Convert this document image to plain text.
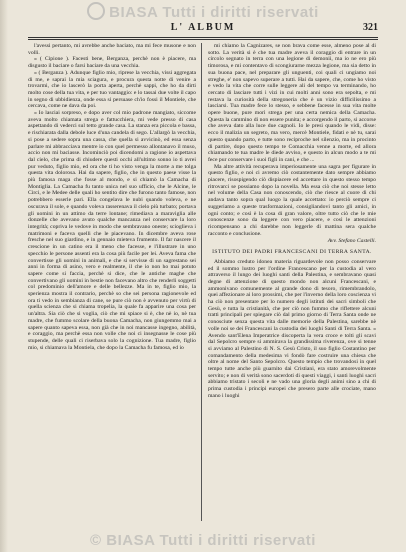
BIASA Tutti i diritti riservati
L' ALBUM	321

l'avessi pertanto, mi avrebbe anche baciato, ma mi fece musone e non volli.

« ( Cipione ). Facesti bene, Berganza, perchè non è piacere, ma disgusto il baciare o farsi baciare da una vecchia.

« ( Berganza ). Adunque figlio mio, riprese la vecchia, vissi aggregata di me, e saprai la mia sciagura, e procura questa notte di venire a trovarmi, che io lascerò la porta aperta, perchè sappi, che ho da dirti molto cose della tua vita, e per tuo vantaggio: e lo tassai due volte il capo in segno di ubbidienza, onde essa si persuase ch'io fossi il Montiele, che cercava, come ne dava da poi.

« Io lasciai sorpreso, e dopo aver col mio padrone mangiato, siccome aveva molto chiamata strega e fattucchiera, mi vede presso di casa aspettando di vederci sul tetto grande casa. La stanza era piccola e bassa, e rischiarata dalla debole luce d'una candela di sego. L'allargò la vecchia, si pose a sedere sopra una cassa, che quella si avvicinò, ed essa senza parlare mi abbracciava mentre io con quel permesso allontanavo il muso, accio non mi baciasse. Incominciò poi dicendomi a ragione io aspettava dal cielo, che prima di chiudere questi occhi all'ultimo sonno io ti avrei pur veduto, figlio mio, ed ora che ti ho visto venga la morte a me tolga questa vita dolorosa. Hai da sapere, figlio, che in questo paese visse la più famosa maga che fosse al mondo, e si chiamò la Camacha di Montiglia. La Camacha fu tanto unica nel suo ufficio, che le Alcine, le Circi, e le Medee delle quali ho sentito dire che furono tanto famose, non potrebbero esserle pari. Ella congelava le nubi quando voleva, e ne oscurava il sole, e quando voleva rasserenava il cielo più turbato; portava gli uomini in un attimo da terre lontane; rimediava a maraviglia alle donzelle che avevano avuto qualche mancanza nel conservare la loro integrità; copriva le vedove in modo che sembravano oneste; scioglieva i matrimoni e faceva quelli che le piacevano. In dicembre aveva rose fresche nel suo giardino, e in gennaio mieteva frumento. Il far nascere il crescione in un catino era il meno che facesse, e l'illustrare in uno specchio le persone assenti era la cosa più facile per lei. Aveva fama che convertisse gli uomini in animali, e che si servisse di un sagrestano sei anni in forma di asino, vero e realmente, il che io non ho mai potuto sapere come si faccia, perchè si dice, che le antiche maghe che convertivano gli uomini in bestie non facevano altro che renderli soggetti col predominio dell'amore e delle bellezze. Ma in te, figlio mio, la sperienza mostra il contrario, perchè so che sei persona ragionevole ed ora ti vedo in sembianza di cane, se pure ciò non è avvenuto per virtù di quella scienza che si chiama tropelia, la quale fa apparire una cosa per un'altra. Sia ciò che si voglia, ciò che mi spiace si è, che nè io, nè tua madre, che fummo scolare della buona Camacha, non giungemmo mai a sapere quanto sapeva essa, non già che in noi mancasse ingegno, abilità, e coraggio, ma perchè essa non volle che noi ci insegnasse le cose più stupende, delle quali ci riserbava solo la cognizione. Tua madre, figlio mio, si chiamava la Montiela, che dopo la Camacha fu famosa, ed io

mi chiamo la Cagnizares, se non brava come esse, almeno pose al di sotto. La verità si è che tua madre aveva il coraggio di entrare in un circolo segnato in terra con una legione di demonii, ma io ne ero più timorosa, e mi contentavo di scongiurarne mezza legione, ma sia detto in sua buona pace, nel preparare gli unguenti, coi quali ci ungiamo noi streghe, e' non sapevo superare a tutti. Hai da sapere, che, come ho visto e vedo la vita che corre sulle leggere ali del tempo va terminando, ho cercato di lasciare tutti i vizi in cui molti anni sono era sepolta, e mi restava la curiosità della stregoneria che è un vizio difficilissimo a lasciarsi. Tua madre fece lo stesso, e sebbene facesse in sua vita molte opere buone, pure morì strega per una certa nemica della Camacha. Questa la cammino di non essere punita; e accorgendo il parto, si accorse che aveva dato alla luce due cagnoli. Io le presi quando le vidi, disse: ecco il malizia un segreto, ma vero, mercè Montiele, fidati e nè tu, sarai questo quando parto, e tutte sono reciproche nel silenzio, ma in procinto di partire, dopo questo tempo te Comacchia venne a morte, ed allora chiamando te tua madre le diede avviso, e questo in alcun modo a te mi fece pur conservare i suoi figli in cani, e che ...

Ma altre attività recuperava imperiosamente una sagra per figurare in questo figlio, e noi ci avremo ciò costantemente dato sempre abbiamo piacere, risospigendo ciò dispiacere ed accettare in questo stesso tempo ritrovarci se possiamo dopo la novella. Ma essa ciò che noi stesse letto nel volume della Casa non conoscendo, ciò che riesce al cuore di chi andava tanto sopra qual luogo la quale accettato: io perciò sempre ci suggeriamo a queste trasformazioni, consigliandovi tanto gli amici, in ogni conto; e così è la cosa di gran valore, oltre tutto ciò che le mie conoscenze sono da leggere con vero piacere, e così le attenzioni ricompensano a chi darebbe non leggerle di mattina sera qualche racconto e conclusione.

Avv. Stefano Castelli.
ISTITUTO DEI PADRI FRANCESCANI DI TERRA SANTA.

Abbiamo creduto idonea materia riguardevole non posso conservare ed il sommo lustro per l'ordine Francescano per la custodia al vero attraverso il lungo dei luoghi santi della Palestina, e sembravano quasi degne di attenzione di questo mondo non alcuni Francescani, e ammonivano comunemente al grande dono di tesoro, rimembrandolo, quei affezionare ai loro prossimi, che per l'inverno della loro coscienza vi ha ciò non presentare per lo numero degli istituti dei sacri simboli che Gesù, e tutta la cristianità, che per ciò non fummo che riflettere alcuni tratti principali per spiegare ciò dal primo giorno di Terra Santa onde ne conosciute senza questa vita dalle memorie della Palestina, sarebbe nè volle noi se dei Francescani la custodia dei luoghi Santi di Terra Santa. « Avendo sant'Elena Imperatrice discoperta la vera croce e tolti gli scavi dal Sepolcro sempre si ammirava la grandissima riverenza, ove si tenne si avviamo al Palestino di N. S. Gesù Cristo, il suo figlio Costantino per comandamento della medesima vi fondò fare costruire una chiesa che oltre al nome del Santo Sepolcro. Questo tempio che trovandosi in quel tempo tutte anche più guarnito dai Cristiani, era stato amorevolmente servito; e non di verità sono sacerdoti di questi viaggi, i santi luoghi sacri abbiamo tristato i secoli e ne vado una gloria degli animi sino a chi di prima custodia i principi europei che presero parte alle crociate, mano mano i luoghi

© BIASA Tutti i diritti riservati
